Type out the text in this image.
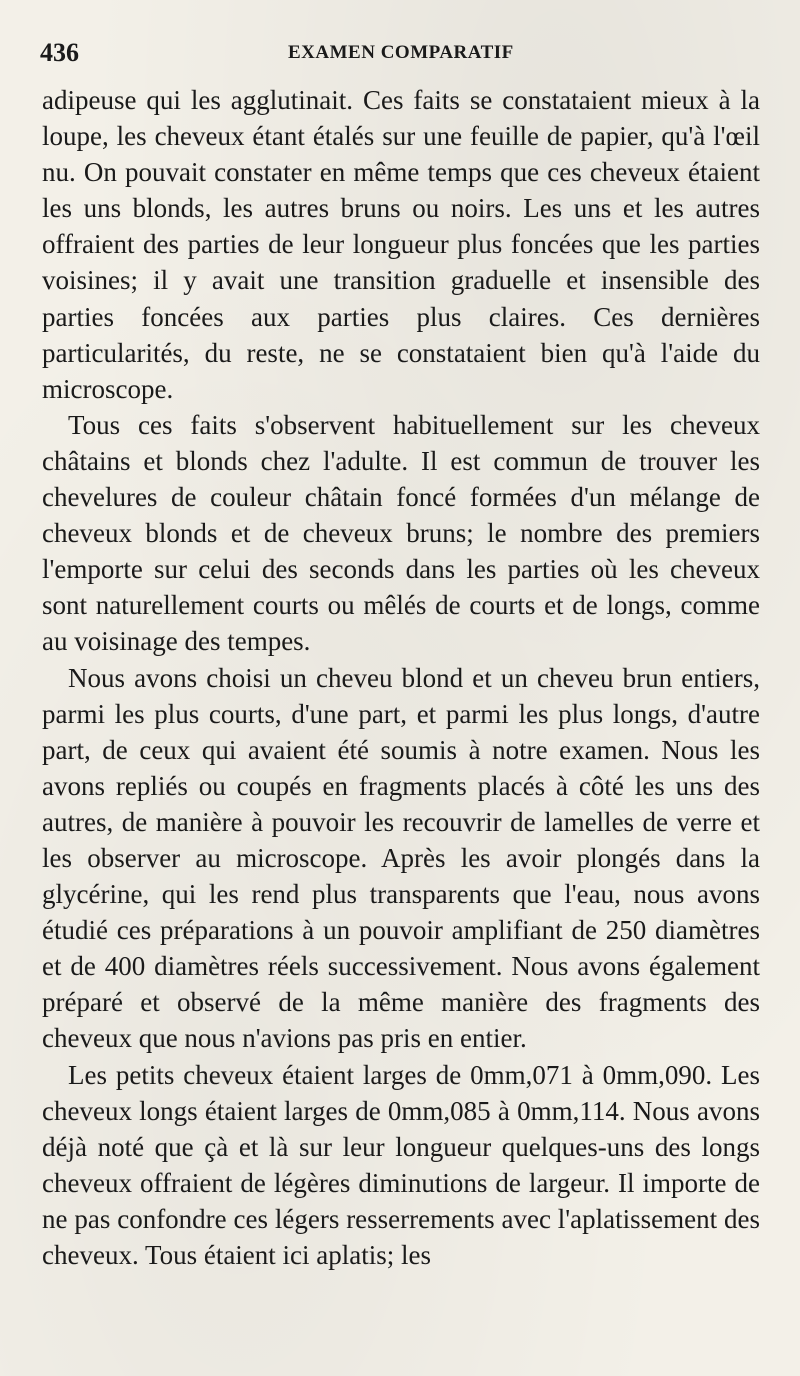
436	EXAMEN COMPARATIF

adipeuse qui les agglutinait. Ces faits se constataient mieux à la loupe, les cheveux étant étalés sur une feuille de papier, qu'à l'œil nu. On pouvait constater en même temps que ces cheveux étaient les uns blonds, les autres bruns ou noirs. Les uns et les autres offraient des parties de leur longueur plus foncées que les parties voisines; il y avait une transition graduelle et insensible des parties foncées aux parties plus claires. Ces dernières particularités, du reste, ne se constataient bien qu'à l'aide du microscope.

Tous ces faits s'observent habituellement sur les cheveux châtains et blonds chez l'adulte. Il est commun de trouver les chevelures de couleur châtain foncé formées d'un mélange de cheveux blonds et de cheveux bruns; le nombre des premiers l'emporte sur celui des seconds dans les parties où les cheveux sont naturellement courts ou mêlés de courts et de longs, comme au voisinage des tempes.

Nous avons choisi un cheveu blond et un cheveu brun entiers, parmi les plus courts, d'une part, et parmi les plus longs, d'autre part, de ceux qui avaient été soumis à notre examen. Nous les avons repliés ou coupés en fragments placés à côté les uns des autres, de manière à pouvoir les recouvrir de lamelles de verre et les observer au microscope. Après les avoir plongés dans la glycérine, qui les rend plus transparents que l'eau, nous avons étudié ces préparations à un pouvoir amplifiant de 250 diamètres et de 400 diamètres réels successivement. Nous avons également préparé et observé de la même manière des fragments des cheveux que nous n'avions pas pris en entier.

Les petits cheveux étaient larges de 0mm,071 à 0mm,090. Les cheveux longs étaient larges de 0mm,085 à 0mm,114. Nous avons déjà noté que çà et là sur leur longueur quelques-uns des longs cheveux offraient de légères diminutions de largeur. Il importe de ne pas confondre ces légers resserrements avec l'aplatissement des cheveux. Tous étaient ici aplatis; les
